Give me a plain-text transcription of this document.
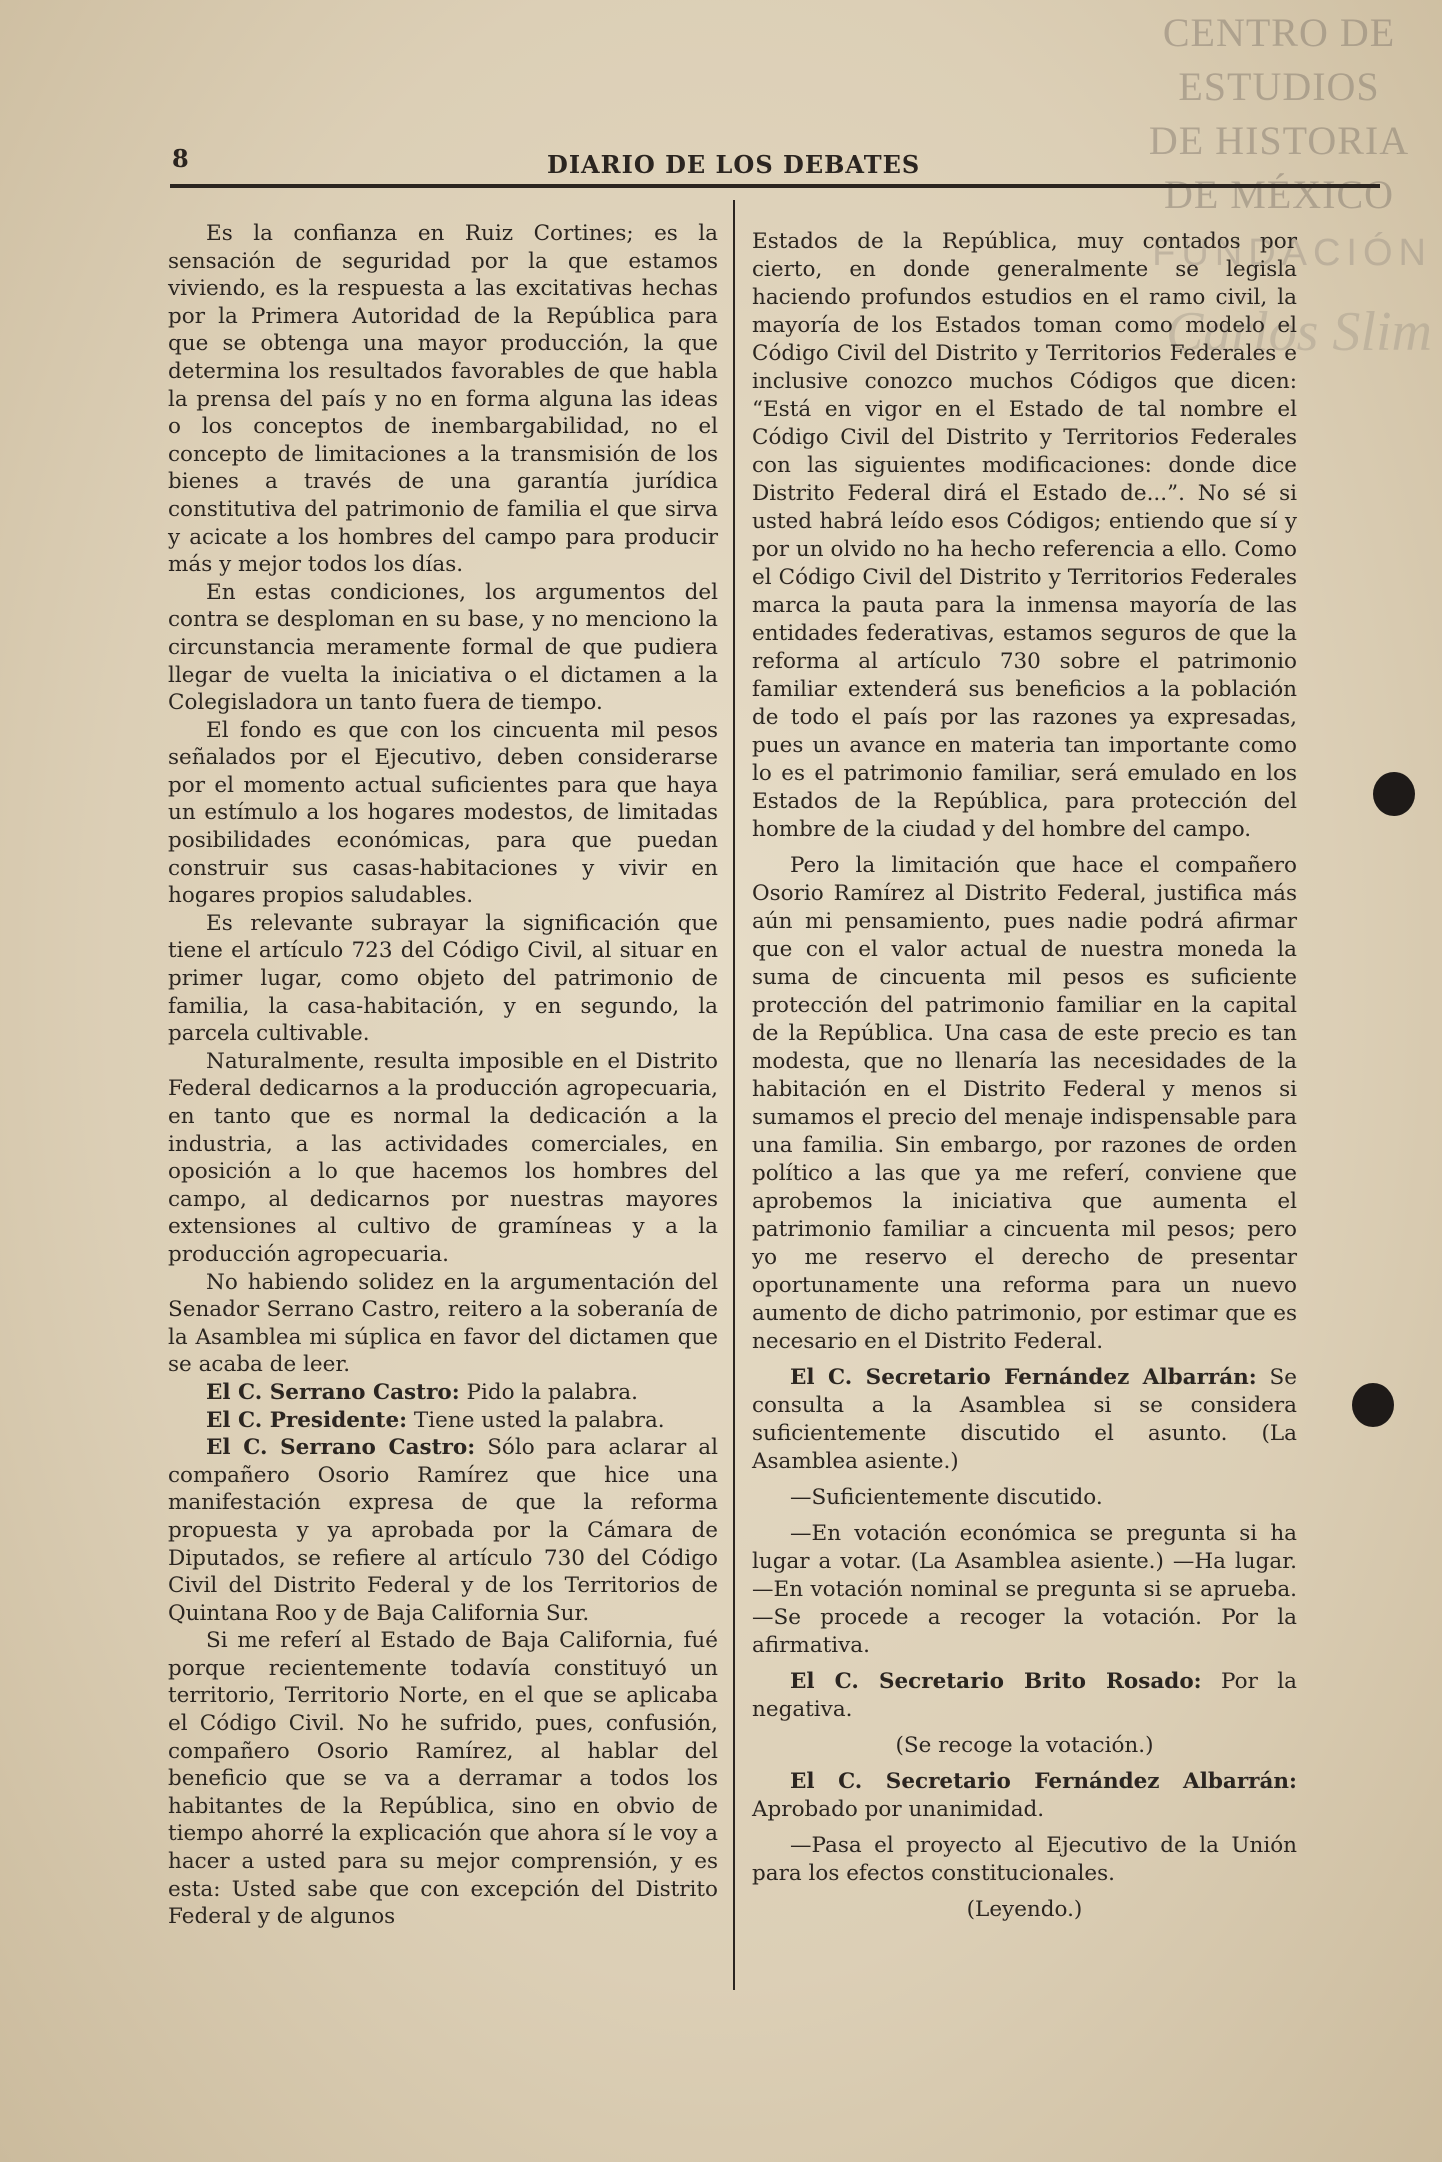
CENTRO DE
ESTUDIOS
DE HISTORIA
DE MÉXICO
FUNDACIÓN
Carlos Slim
8	DIARIO DE LOS DEBATES

Es la confianza en Ruiz Cortines; es la sensación de seguridad por la que estamos viviendo, es la respuesta a las excitativas hechas por la Primera Autoridad de la República para que se obtenga una mayor producción, la que determina los resultados favorables de que habla la prensa del país y no en forma alguna las ideas o los conceptos de inembargabilidad, no el concepto de limitaciones a la transmisión de los bienes a través de una garantía jurídica constitutiva del patrimonio de familia el que sirva y acicate a los hombres del campo para producir más y mejor todos los días.

En estas condiciones, los argumentos del contra se desploman en su base, y no menciono la circunstancia meramente formal de que pudiera llegar de vuelta la iniciativa o el dictamen a la Colegisladora un tanto fuera de tiempo.

El fondo es que con los cincuenta mil pesos señalados por el Ejecutivo, deben considerarse por el momento actual suficientes para que haya un estímulo a los hogares modestos, de limitadas posibilidades económicas, para que puedan construir sus casas-habitaciones y vivir en hogares propios saludables.

Es relevante subrayar la significación que tiene el artículo 723 del Código Civil, al situar en primer lugar, como objeto del patrimonio de familia, la casa-habitación, y en segundo, la parcela cultivable.

Naturalmente, resulta imposible en el Distrito Federal dedicarnos a la producción agropecuaria, en tanto que es normal la dedicación a la industria, a las actividades comerciales, en oposición a lo que hacemos los hombres del campo, al dedicarnos por nuestras mayores extensiones al cultivo de gramíneas y a la producción agropecuaria.

No habiendo solidez en la argumentación del Senador Serrano Castro, reitero a la soberanía de la Asamblea mi súplica en favor del dictamen que se acaba de leer.

El C. Serrano Castro: Pido la palabra.

El C. Presidente: Tiene usted la palabra.

El C. Serrano Castro: Sólo para aclarar al compañero Osorio Ramírez que hice una manifestación expresa de que la reforma propuesta y ya aprobada por la Cámara de Diputados, se refiere al artículo 730 del Código Civil del Distrito Federal y de los Territorios de Quintana Roo y de Baja California Sur.

Si me referí al Estado de Baja California, fué porque recientemente todavía constituyó un territorio, Territorio Norte, en el que se aplicaba el Código Civil. No he sufrido, pues, confusión, compañero Osorio Ramírez, al hablar del beneficio que se va a derramar a todos los habitantes de la República, sino en obvio de tiempo ahorré la explicación que ahora sí le voy a hacer a usted para su mejor comprensión, y es esta: Usted sabe que con excepción del Distrito Federal y de algunos

Estados de la República, muy contados por cierto, en donde generalmente se legisla haciendo profundos estudios en el ramo civil, la mayoría de los Estados toman como modelo el Código Civil del Distrito y Territorios Federales e inclusive conozco muchos Códigos que dicen: “Está en vigor en el Estado de tal nombre el Código Civil del Distrito y Territorios Federales con las siguientes modificaciones: donde dice Distrito Federal dirá el Estado de...”. No sé si usted habrá leído esos Códigos; entiendo que sí y por un olvido no ha hecho referencia a ello. Como el Código Civil del Distrito y Territorios Federales marca la pauta para la inmensa mayoría de las entidades federativas, estamos seguros de que la reforma al artículo 730 sobre el patrimonio familiar extenderá sus beneficios a la población de todo el país por las razones ya expresadas, pues un avance en materia tan importante como lo es el patrimonio familiar, será emulado en los Estados de la República, para protección del hombre de la ciudad y del hombre del campo.

Pero la limitación que hace el compañero Osorio Ramírez al Distrito Federal, justifica más aún mi pensamiento, pues nadie podrá afirmar que con el valor actual de nuestra moneda la suma de cincuenta mil pesos es suficiente protección del patrimonio familiar en la capital de la República. Una casa de este precio es tan modesta, que no llenaría las necesidades de la habitación en el Distrito Federal y menos si sumamos el precio del menaje indispensable para una familia. Sin embargo, por razones de orden político a las que ya me referí, conviene que aprobemos la iniciativa que aumenta el patrimonio familiar a cincuenta mil pesos; pero yo me reservo el derecho de presentar oportunamente una reforma para un nuevo aumento de dicho patrimonio, por estimar que es necesario en el Distrito Federal.

El C. Secretario Fernández Albarrán: Se consulta a la Asamblea si se considera suficientemente discutido el asunto. (La Asamblea asiente.)

—Suficientemente discutido.

—En votación económica se pregunta si ha lugar a votar. (La Asamblea asiente.) —Ha lugar.—En votación nominal se pregunta si se aprueba.—Se procede a recoger la votación. Por la afirmativa.

El C. Secretario Brito Rosado: Por la negativa.

(Se recoge la votación.)

El C. Secretario Fernández Albarrán: Aprobado por unanimidad.

—Pasa el proyecto al Ejecutivo de la Unión para los efectos constitucionales.

(Leyendo.)
